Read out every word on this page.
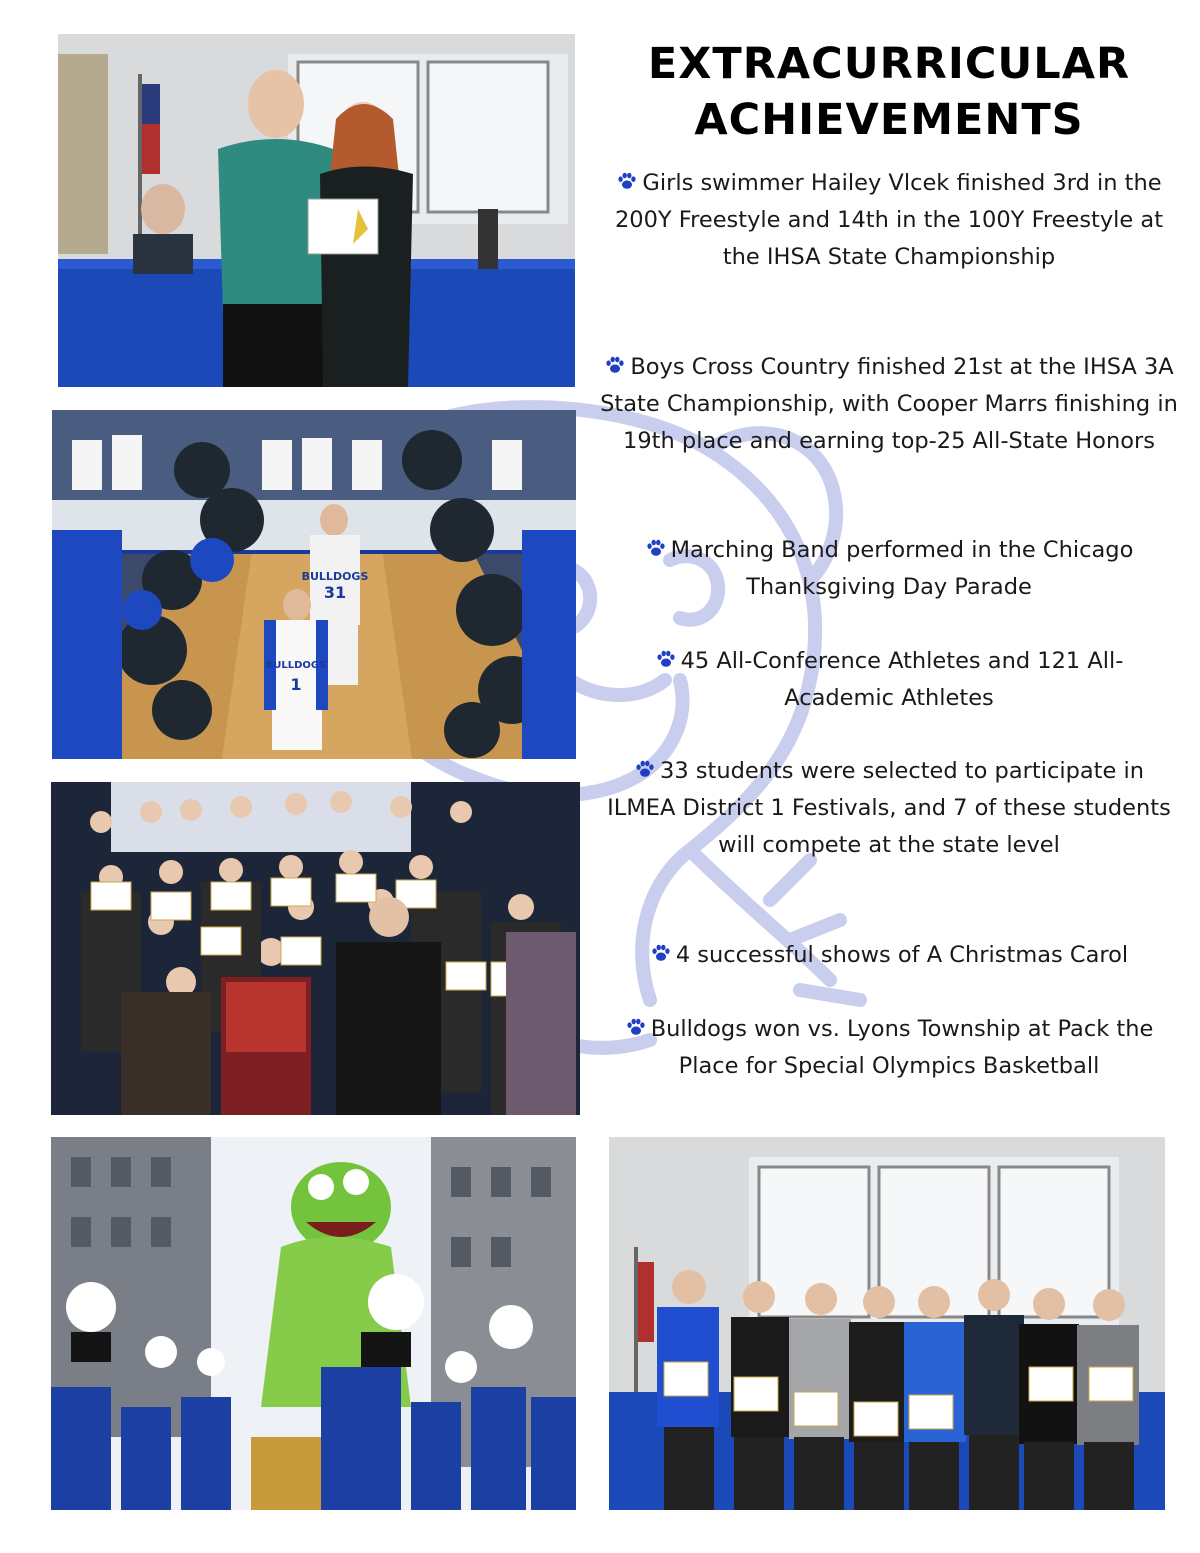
BULLDOGS
31
BULLDOGS
1
EXTRACURRICULAR
ACHIEVEMENTS
Girls swimmer Hailey Vlcek finished 3rd in the 200Y Freestyle and 14th in the 100Y Freestyle at the IHSA State Championship
Boys Cross Country finished 21st at the IHSA 3A State Championship, with Cooper Marrs finishing in 19th place and earning top-25 All-State Honors
Marching Band performed in the Chicago Thanksgiving Day Parade
45 All-Conference Athletes and 121 All-Academic Athletes
33 students were selected to participate in ILMEA District 1 Festivals, and 7 of these students will compete at the state level
4 successful shows of A Christmas Carol
Bulldogs won vs. Lyons Township at Pack the Place for Special Olympics Basketball
